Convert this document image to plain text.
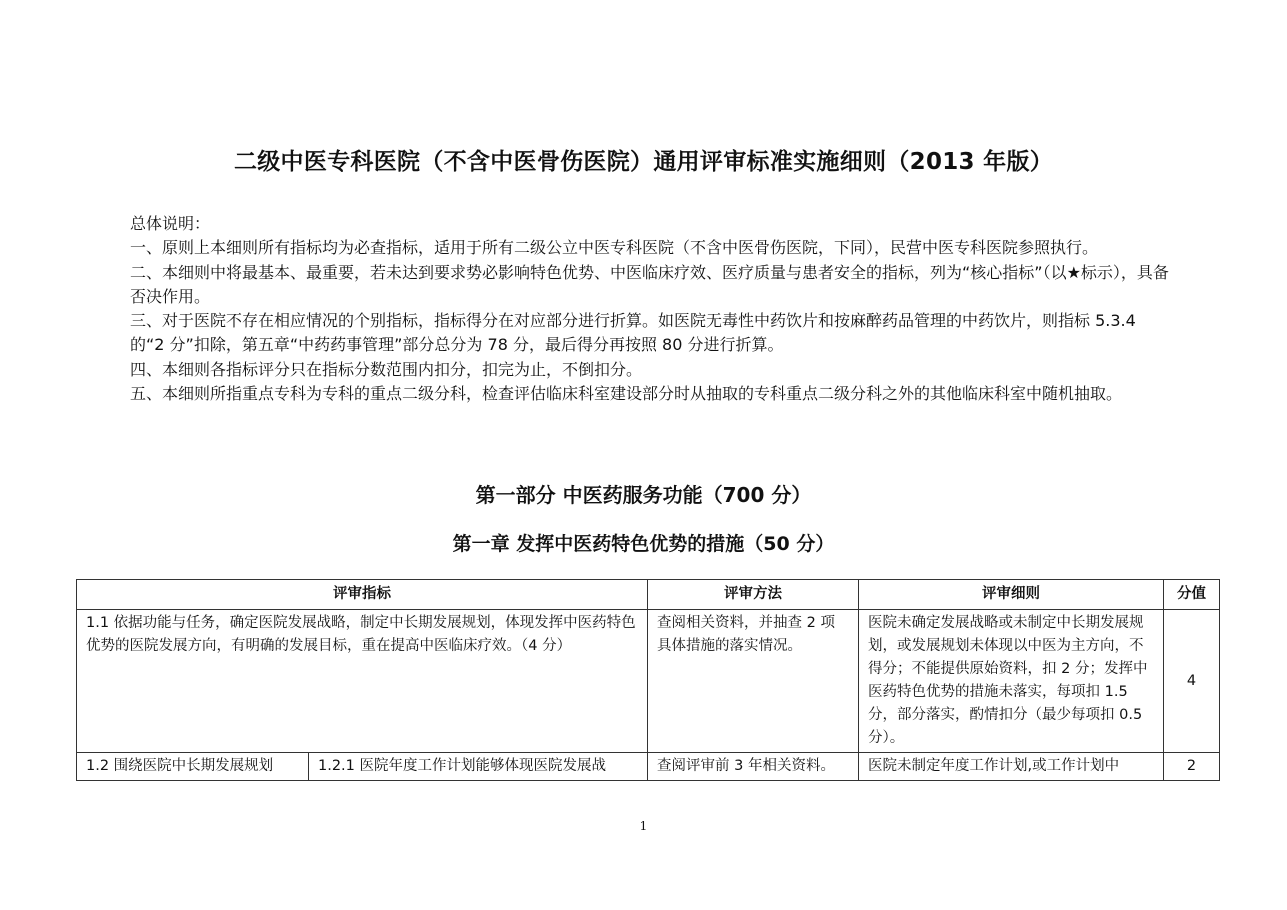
二级中医专科医院（不含中医骨伤医院）通用评审标准实施细则（2013 年版）

总体说明：

一、原则上本细则所有指标均为必查指标，适用于所有二级公立中医专科医院（不含中医骨伤医院，下同），民营中医专科医院参照执行。

二、本细则中将最基本、最重要，若未达到要求势必影响特色优势、中医临床疗效、医疗质量与患者安全的指标，列为“核心指标”（以★标示），具备否决作用。

三、对于医院不存在相应情况的个别指标，指标得分在对应部分进行折算。如医院无毒性中药饮片和按麻醉药品管理的中药饮片，则指标 5.3.4 的“2 分”扣除，第五章“中药药事管理”部分总分为 78 分，最后得分再按照 80 分进行折算。

四、本细则各指标评分只在指标分数范围内扣分，扣完为止，不倒扣分。

五、本细则所指重点专科为专科的重点二级分科，检查评估临床科室建设部分时从抽取的专科重点二级分科之外的其他临床科室中随机抽取。

第一部分 中医药服务功能（700 分）
第一章 发挥中医药特色优势的措施（50 分）
评审指标		评审方法	评审细则	分值
1.1 依据功能与任务，确定医院发展战略，制定中长期发展规划，体现发挥中医药特色优势的医院发展方向，有明确的发展目标，重在提高中医临床疗效。（4 分）		查阅相关资料，并抽查 2 项具体措施的落实情况。	医院未确定发展战略或未制定中长期发展规划，或发展规划未体现以中医为主方向，不得分；不能提供原始资料，扣 2 分；发挥中医药特色优势的措施未落实，每项扣 1.5 分，部分落实，酌情扣分（最少每项扣 0.5 分）。	4
1.2 围绕医院中长期发展规划	1.2.1 医院年度工作计划能够体现医院发展战	查阅评审前 3 年相关资料。	医院未制定年度工作计划,或工作计划中	2
1
